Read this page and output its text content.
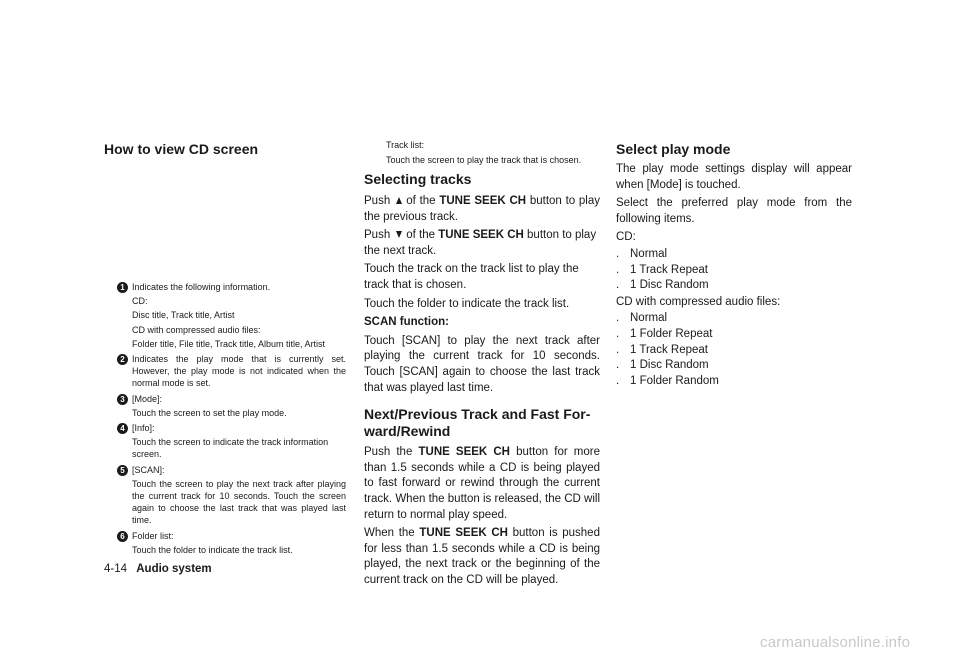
How to view CD screen
1 Indicates the following information.
CD:
Disc title, Track title, Artist
CD with compressed audio files:
Folder title, File title, Track title, Album title, Artist
2 Indicates the play mode that is currently set. However, the play mode is not indicated when the normal mode is set.
3 [Mode]:
Touch the screen to set the play mode.
4 [Info]:
Touch the screen to indicate the track information screen.
5 [SCAN]:
Touch the screen to play the next track after playing the current track for 10 seconds. Touch the screen again to choose the last track that was played last time.
6 Folder list:
Touch the folder to indicate the track list.
Track list:
Touch the screen to play the track that is chosen.
Selecting tracks
Push of the TUNE SEEK CH button to play the previous track.
Push of the TUNE SEEK CH button to play the next track.
Touch the track on the track list to play the track that is chosen.
Touch the folder to indicate the track list.
SCAN function:
Touch [SCAN] to play the next track after playing the current track for 10 seconds. Touch [SCAN] again to choose the last track that was played last time.
Next/Previous Track and Fast For-
ward/Rewind
Push the TUNE SEEK CH button for more than 1.5 seconds while a CD is being played to fast forward or rewind through the current track. When the button is released, the CD will return to normal play speed.
When the TUNE SEEK CH button is pushed for less than 1.5 seconds while a CD is being played, the next track or the beginning of the current track on the CD will be played.
Select play mode
The play mode settings display will appear when [Mode] is touched.
Select the preferred play mode from the following items.
CD:
. Normal
. 1 Track Repeat
. 1 Disc Random
CD with compressed audio files:
. Normal
. 1 Folder Repeat
. 1 Track Repeat
. 1 Disc Random
. 1 Folder Random
4-14 Audio system
carmanualsonline.info
